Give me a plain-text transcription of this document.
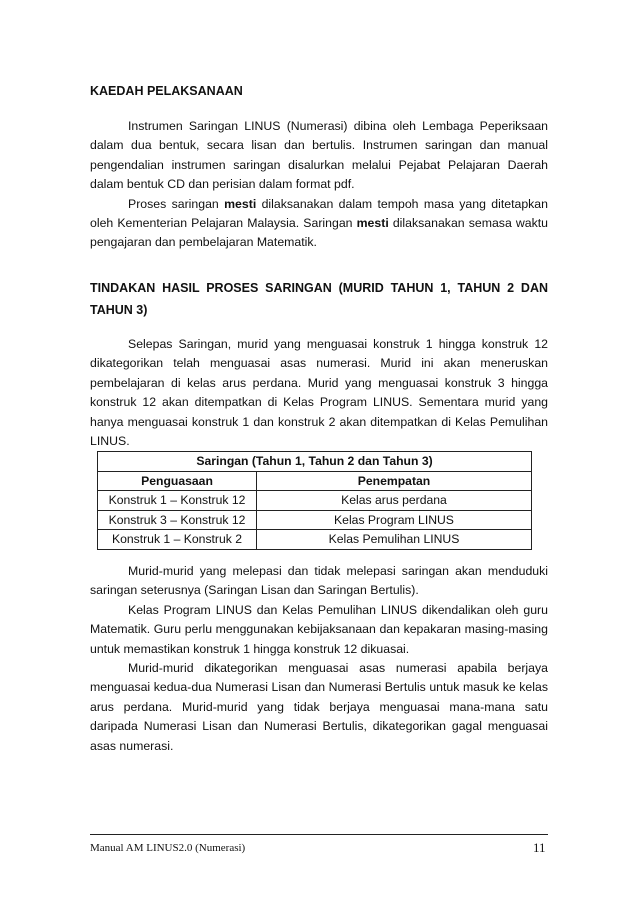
KAEDAH PELAKSANAAN

Instrumen Saringan LINUS (Numerasi) dibina oleh Lembaga Peperiksaan dalam dua bentuk, secara lisan dan bertulis. Instrumen saringan dan manual pengendalian instrumen saringan disalurkan melalui Pejabat Pelajaran Daerah dalam bentuk CD dan perisian dalam format pdf.

Proses saringan mesti dilaksanakan dalam tempoh masa yang ditetapkan oleh Kementerian Pelajaran Malaysia. Saringan mesti dilaksanakan semasa waktu pengajaran dan pembelajaran Matematik.

TINDAKAN HASIL PROSES SARINGAN (MURID TAHUN 1, TAHUN 2 DAN TAHUN 3)

Selepas Saringan, murid yang menguasai konstruk 1 hingga konstruk 12 dikategorikan telah menguasai asas numerasi. Murid ini akan meneruskan pembelajaran di kelas arus perdana. Murid yang menguasai konstruk 3 hingga konstruk 12 akan ditempatkan di Kelas Program LINUS. Sementara murid yang hanya menguasai konstruk 1 dan konstruk 2 akan ditempatkan di Kelas Pemulihan LINUS.

Saringan (Tahun 1, Tahun 2 dan Tahun 3)	
Penguasaan	Penempatan
Konstruk 1 – Konstruk 12	Kelas arus perdana
Konstruk 3 – Konstruk 12	Kelas Program LINUS
Konstruk 1 – Konstruk 2	Kelas Pemulihan LINUS

Murid-murid yang melepasi dan tidak melepasi saringan akan menduduki saringan seterusnya (Saringan Lisan dan Saringan Bertulis).

Kelas Program LINUS dan Kelas Pemulihan LINUS dikendalikan oleh guru Matematik. Guru perlu menggunakan kebijaksanaan dan kepakaran masing-masing untuk memastikan konstruk 1 hingga konstruk 12 dikuasai.

Murid-murid dikategorikan menguasai asas numerasi apabila berjaya menguasai kedua-dua Numerasi Lisan dan Numerasi Bertulis untuk masuk ke kelas arus perdana. Murid-murid yang tidak berjaya menguasai mana-mana satu daripada Numerasi Lisan dan Numerasi Bertulis, dikategorikan gagal menguasai asas numerasi.

Manual AM LINUS2.0 (Numerasi)	11
